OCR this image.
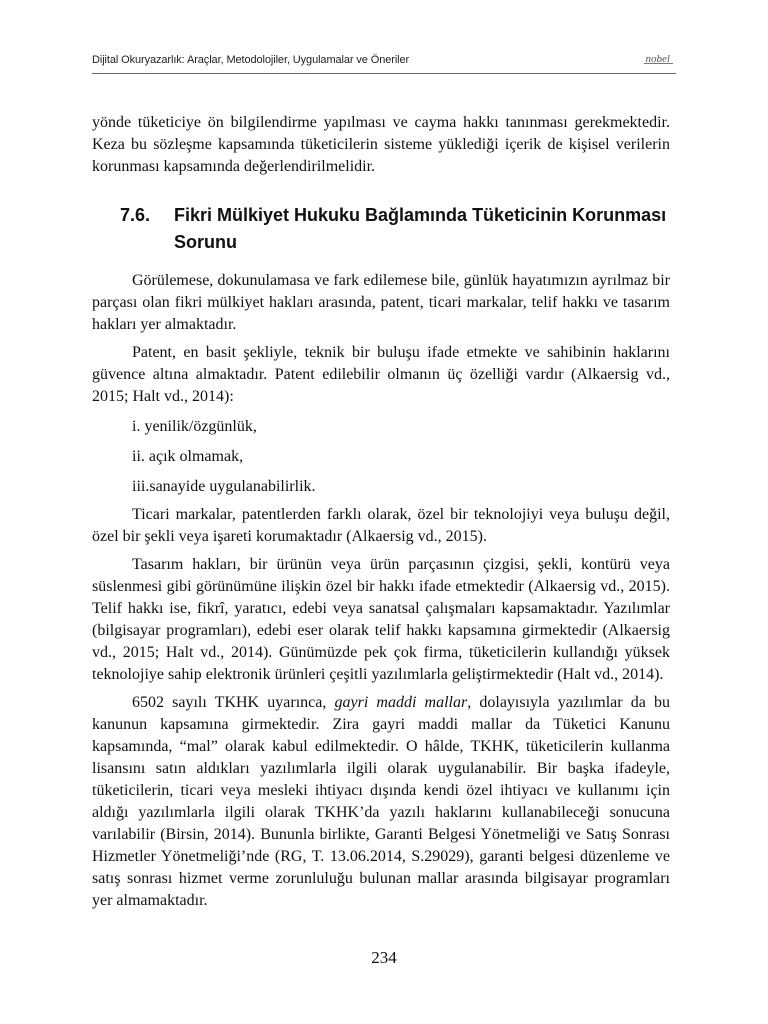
Dijital Okuryazarlık: Araçlar, Metodolojiler, Uygulamalar ve Öneriler	nobel

yönde tüketiciye ön bilgilendirme yapılması ve cayma hakkı tanınması gerekmektedir. Keza bu sözleşme kapsamında tüketicilerin sisteme yüklediği içerik de kişisel verilerin korunması kapsamında değerlendirilmelidir.

7.6.	Fikri Mülkiyet Hukuku Bağlamında Tüketicinin Korunması Sorunu

Görülemese, dokunulamasa ve fark edilemese bile, günlük hayatımızın ayrılmaz bir parçası olan fikri mülkiyet hakları arasında, patent, ticari markalar, telif hakkı ve tasarım hakları yer almaktadır.

Patent, en basit şekliyle, teknik bir buluşu ifade etmekte ve sahibinin haklarını güvence altına almaktadır. Patent edilebilir olmanın üç özelliği vardır (Alkaersig vd., 2015; Halt vd., 2014):

i. yenilik/özgünlük,
ii. açık olmamak,
iii.sanayide uygulanabilirlik.

Ticari markalar, patentlerden farklı olarak, özel bir teknolojiyi veya buluşu değil, özel bir şekli veya işareti korumaktadır (Alkaersig vd., 2015).

Tasarım hakları, bir ürünün veya ürün parçasının çizgisi, şekli, kontürü veya süslenmesi gibi görünümüne ilişkin özel bir hakkı ifade etmektedir (Alkaersig vd., 2015). Telif hakkı ise, fikrî, yaratıcı, edebi veya sanatsal çalışmaları kapsamaktadır. Yazılımlar (bilgisayar programları), edebi eser olarak telif hakkı kapsamına girmektedir (Alkaersig vd., 2015; Halt vd., 2014). Günümüzde pek çok firma, tüketicilerin kullandığı yüksek teknolojiye sahip elektronik ürünleri çeşitli yazılımlarla geliştirmektedir (Halt vd., 2014).

6502 sayılı TKHK uyarınca, gayri maddi mallar, dolayısıyla yazılımlar da bu kanunun kapsamına girmektedir. Zira gayri maddi mallar da Tüketici Kanunu kapsamında, “mal” olarak kabul edilmektedir. O hâlde, TKHK, tüketicilerin kullanma lisansını satın aldıkları yazılımlarla ilgili olarak uygulanabilir. Bir başka ifadeyle, tüketicilerin, ticari veya mesleki ihtiyacı dışında kendi özel ihtiyacı ve kullanımı için aldığı yazılımlarla ilgili olarak TKHK’da yazılı haklarını kullanabileceği sonucuna varılabilir (Birsin, 2014). Bununla birlikte, Garanti Belgesi Yönetmeliği ve Satış Sonrası Hizmetler Yönetmeliği’nde (RG, T. 13.06.2014, S.29029), garanti belgesi düzenleme ve satış sonrası hizmet verme zorunluluğu bulunan mallar arasında bilgisayar programları yer almamaktadır.

234
